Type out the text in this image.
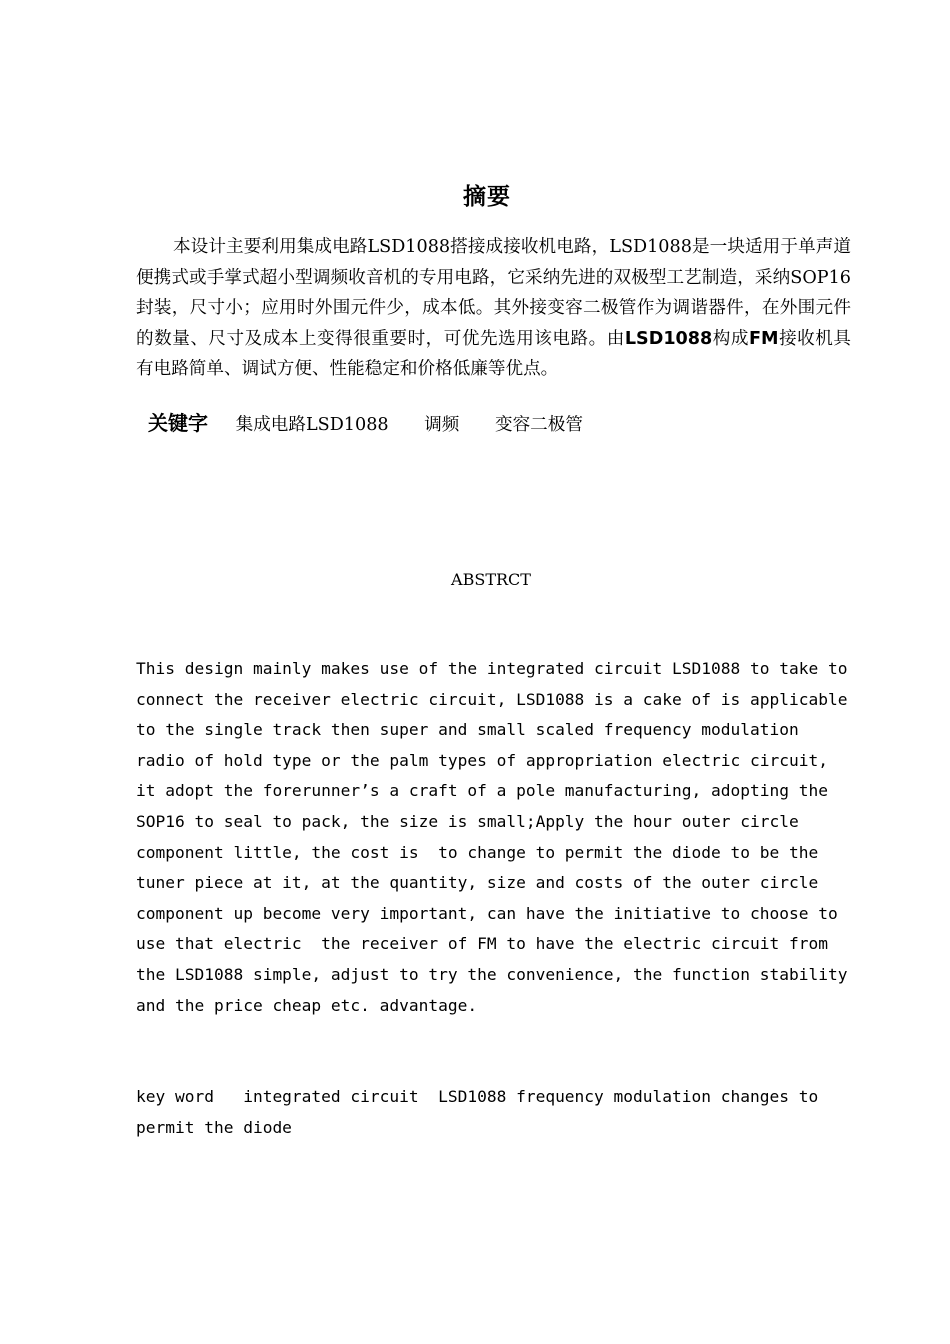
摘要

本设计主要利用集成电路LSD1088搭接成接收机电路，LSD1088是一块适用于单声道便携式或手掌式超小型调频收音机的专用电路，它采纳先进的双极型工艺制造，采纳SOP16封装，尺寸小；应用时外围元件少，成本低。其外接变容二极管作为调谐器件，在外围元件的数量、尺寸及成本上变得很重要时，可优先选用该电路。由LSD1088构成FM接收机具有电路简单、调试方便、性能稳定和价格低廉等优点。

关键字 集成电路LSD1088 调频 变容二极管
ABSTRCT
This design mainly makes use of the integrated circuit LSD1088 to take to
connect the receiver electric circuit, LSD1088 is a cake of is applicable
to the single track then super and small scaled frequency modulation
radio of hold type or the palm types of appropriation electric circuit,
it adopt the forerunner’s a craft of a pole manufacturing, adopting the
SOP16 to seal to pack, the size is small;Apply the hour outer circle
component little, the cost is  to change to permit the diode to be the
tuner piece at it, at the quantity, size and costs of the outer circle
component up become very important, can have the initiative to choose to
use that electric  the receiver of FM to have the electric circuit from
the LSD1088 simple, adjust to try the convenience, the function stability
and the price cheap etc. advantage.
key word   integrated circuit  LSD1088 frequency modulation changes to
permit the diode
